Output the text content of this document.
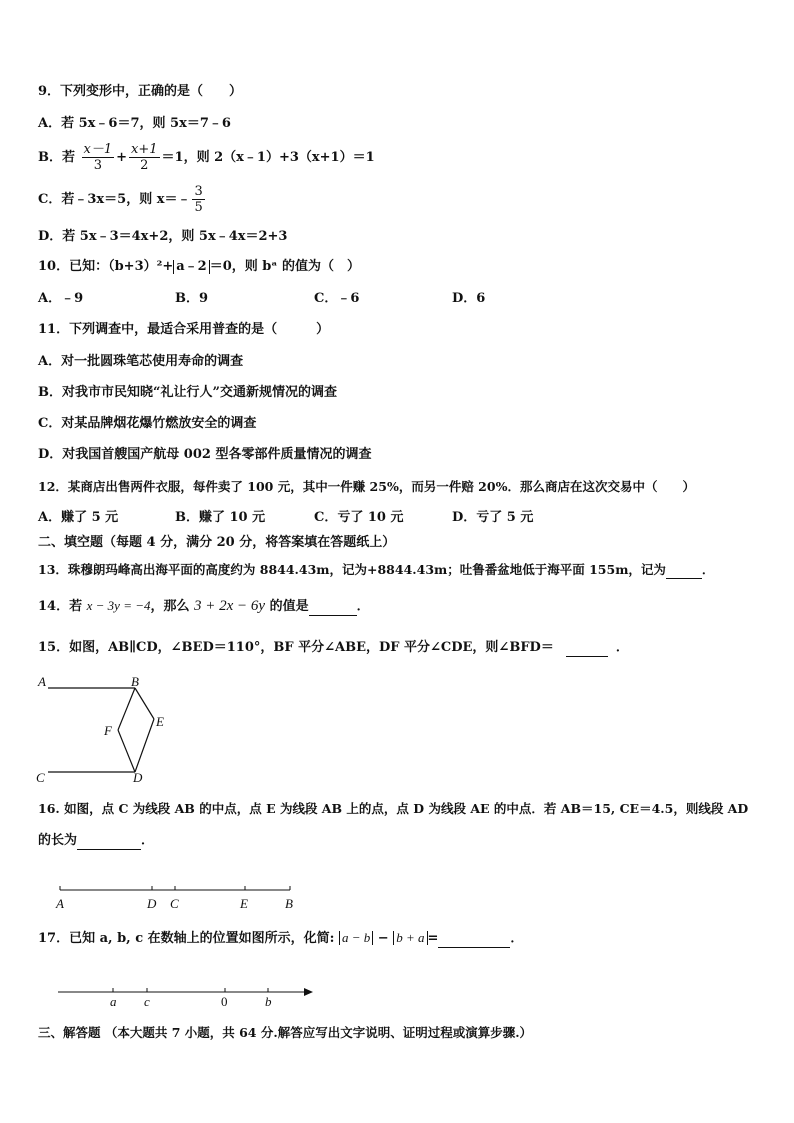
9．下列变形中，正确的是（　　）
A．若 5x﹣6＝7，则 5x＝7﹣6
B．若 $\frac{x-1}{3} + \frac{x+1}{2} =1$，则 2（x﹣1）+3（x+1）＝1
C．若﹣3x＝5，则 x＝﹣ $\frac{3}{5}$
D．若 5x﹣3＝4x+2，则 5x﹣4x＝2+3
10．已知：（b+3）²+ a﹣2 ＝0，则 bᵃ 的值为（　）
A．﹣9	B．9	C．﹣6	D．6
11．下列调查中，最适合采用普查的是（　　　）
A．对一批圆珠笔芯使用寿命的调查
B．对我市市民知晓“礼让行人”交通新规情况的调查
C．对某品牌烟花爆竹燃放安全的调查
D．对我国首艘国产航母 002 型各零部件质量情况的调查
12．某商店出售两件衣服，每件卖了 100 元，其中一件赚 25%，而另一件赔 20%．那么商店在这次交易中（　　）
A．赚了 5 元	B．赚了 10 元	C．亏了 10 元	D．亏了 5 元
二、填空题（每题 4 分，满分 20 分，将答案填在答题纸上）
13．珠穆朗玛峰高出海平面的高度约为 8844.43m，记为+8844.43m；吐鲁番盆地低于海平面 155m，记为	．
14．若 x − 3y = −4，那么 3 + 2x − 6y 的值是	．
15．如图，AB∥CD，∠BED＝110°，BF 平分∠ABE，DF 平分∠CDE，则∠BFD＝	．
A	B
C	D
E
F
16. 如图，点 C 为线段 AB 的中点，点 E 为线段 AB 上的点，点 D 为线段 AE 的中点．若 AB＝15, CE＝4.5，则线段 AD
的长为	．
A	D C	E	B
17．已知 a, b, c 在数轴上的位置如图所示，化简: a − b − b + a =	．
a c	0	b
三、解答题 （本大题共 7 小题，共 64 分.解答应写出文字说明、证明过程或演算步骤.）
